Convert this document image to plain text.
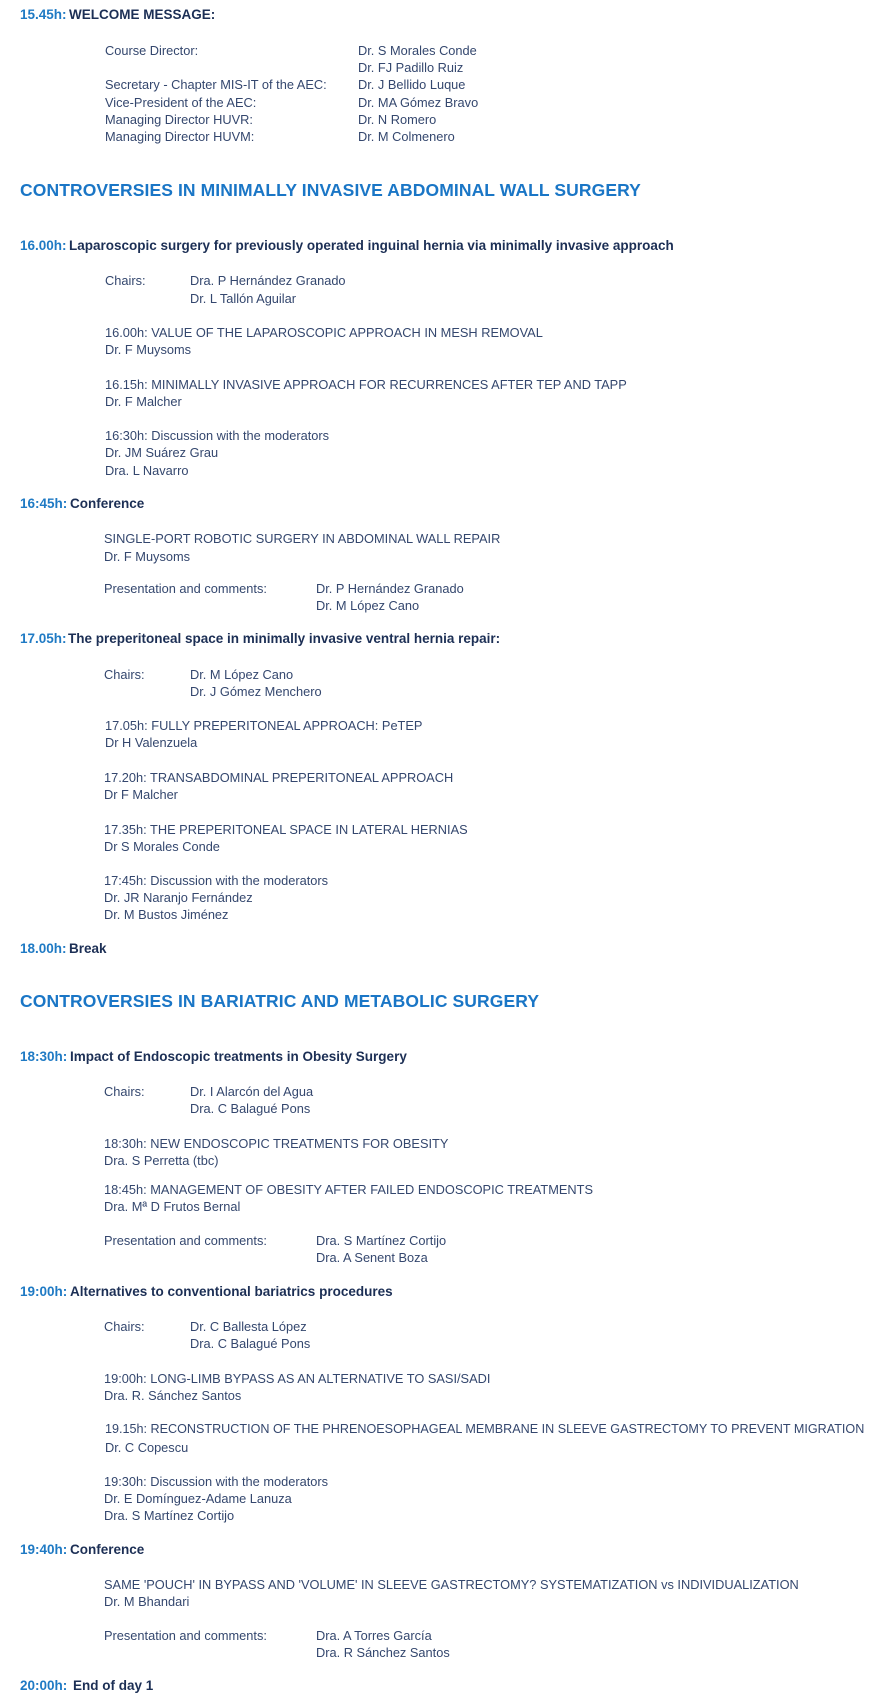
15.45h: WELCOME MESSAGE:
Course Director:	Dr. S Morales Conde
Dr. FJ Padillo Ruiz
Secretary - Chapter MIS-IT of the AEC: Dr. J Bellido Luque
Vice-President of the AEC:	Dr. MA Gómez Bravo
Managing Director HUVR:	Dr. N Romero
Managing Director HUVM:	Dr. M Colmenero
CONTROVERSIES IN MINIMALLY INVASIVE ABDOMINAL WALL SURGERY
16.00h: Laparoscopic surgery for previously operated inguinal hernia via minimally invasive approach
Chairs:	Dra. P Hernández Granado
Dr. L Tallón Aguilar
16.00h: VALUE OF THE LAPAROSCOPIC APPROACH IN MESH REMOVAL
Dr. F Muysoms
16.15h: MINIMALLY INVASIVE APPROACH FOR RECURRENCES AFTER TEP AND TAPP
Dr. F Malcher
16:30h: Discussion with the moderators
Dr. JM Suárez Grau
Dra. L Navarro
16:45h: Conference
SINGLE-PORT ROBOTIC SURGERY IN ABDOMINAL WALL REPAIR
Dr. F Muysoms
Presentation and comments:	Dr. P Hernández Granado
Dr. M López Cano
17.05h: The preperitoneal space in minimally invasive ventral hernia repair:
Chairs:	Dr. M López Cano
Dr. J Gómez Menchero
17.05h: FULLY PREPERITONEAL APPROACH: PeTEP
Dr H Valenzuela
17.20h: TRANSABDOMINAL PREPERITONEAL APPROACH
Dr F Malcher
17.35h: THE PREPERITONEAL SPACE IN LATERAL HERNIAS
Dr S Morales Conde
17:45h: Discussion with the moderators
Dr. JR Naranjo Fernández
Dr. M Bustos Jiménez
18.00h: Break
CONTROVERSIES IN BARIATRIC AND METABOLIC SURGERY
18:30h: Impact of Endoscopic treatments in Obesity Surgery
Chairs:	Dr. I Alarcón del Agua
Dra. C Balagué Pons
18:30h: NEW ENDOSCOPIC TREATMENTS FOR OBESITY
Dra. S Perretta (tbc)
18:45h: MANAGEMENT OF OBESITY AFTER FAILED ENDOSCOPIC TREATMENTS
Dra. Mª D Frutos Bernal
Presentation and comments:	Dra. S Martínez Cortijo
Dra. A Senent Boza
19:00h: Alternatives to conventional bariatrics procedures
Chairs:	Dr. C Ballesta López
Dra. C Balagué Pons
19:00h: LONG-LIMB BYPASS AS AN ALTERNATIVE TO SASI/SADI
Dra. R. Sánchez Santos
19.15h: RECONSTRUCTION OF THE PHRENOESOPHAGEAL MEMBRANE IN SLEEVE GASTRECTOMY TO PREVENT MIGRATION
Dr. C Copescu
19:30h: Discussion with the moderators
Dr. E Domínguez-Adame Lanuza
Dra. S Martínez Cortijo
19:40h: Conference
SAME 'POUCH' IN BYPASS AND 'VOLUME' IN SLEEVE GASTRECTOMY? SYSTEMATIZATION vs INDIVIDUALIZATION
Dr. M Bhandari
Presentation and comments:	Dra. A Torres García
Dra. R Sánchez Santos
20:00h: End of day 1
